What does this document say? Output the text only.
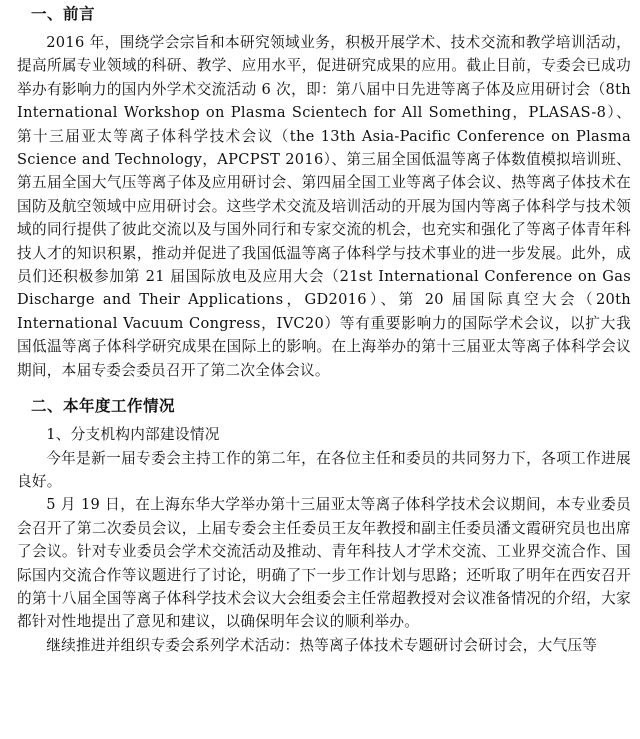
一、前言

2016 年，围绕学会宗旨和本研究领域业务，积极开展学术、技术交流和教学培训活动，提高所属专业领域的科研、教学、应用水平，促进研究成果的应用。截止目前，专委会已成功举办有影响力的国内外学术交流活动 6 次，即：第八届中日先进等离子体及应用研讨会（8th International Workshop on Plasma Scientech for All Something，PLASAS-8）、第十三届亚太等离子体科学技术会议（the 13th Asia-Pacific Conference on Plasma Science and Technology，APCPST 2016）、第三届全国低温等离子体数值模拟培训班、第五届全国大气压等离子体及应用研讨会、第四届全国工业等离子体会议、热等离子体技术在国防及航空领域中应用研讨会。这些学术交流及培训活动的开展为国内等离子体科学与技术领域的同行提供了彼此交流以及与国外同行和专家交流的机会，也充实和强化了等离子体青年科技人才的知识积累，推动并促进了我国低温等离子体科学与技术事业的进一步发展。此外，成员们还积极参加第 21 届国际放电及应用大会（21st International Conference on Gas Discharge and Their Applications，GD2016）、第 20 届国际真空大会（20th International Vacuum Congress，IVC20）等有重要影响力的国际学术会议，以扩大我国低温等离子体科学研究成果在国际上的影响。在上海举办的第十三届亚太等离子体科学会议期间，本届专委会委员召开了第二次全体会议。

二、本年度工作情况

1、分支机构内部建设情况

今年是新一届专委会主持工作的第二年，在各位主任和委员的共同努力下，各项工作进展良好。

5 月 19 日，在上海东华大学举办第十三届亚太等离子体科学技术会议期间，本专业委员会召开了第二次委员会议，上届专委会主任委员王友年教授和副主任委员潘文霞研究员也出席了会议。针对专业委员会学术交流活动及推动、青年科技人才学术交流、工业界交流合作、国际国内交流合作等议题进行了讨论，明确了下一步工作计划与思路；还听取了明年在西安召开的第十八届全国等离子体科学技术会议大会组委会主任常超教授对会议准备情况的介绍，大家都针对性地提出了意见和建议，以确保明年会议的顺利举办。

继续推进并组织专委会系列学术活动：热等离子体技术专题研讨会研讨会，大气压等
